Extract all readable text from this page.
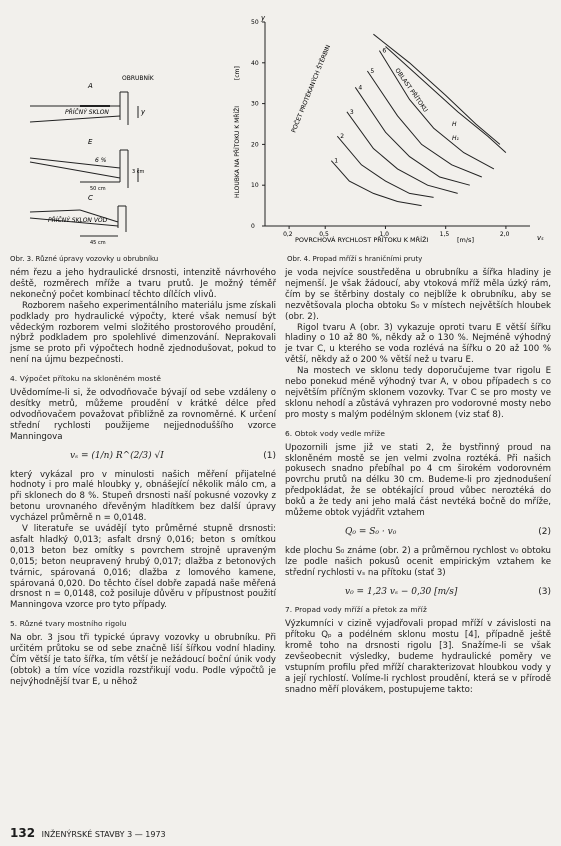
OBRUBNÍK
A
PŘÍČNÝ SKLON	y
E
6 %
3 cm
50 cm
C
PŘÍČNÝ SKLON VOD
45 cm
0,2	0,5	1,0	1,5	2,0
0
10
20
30
40
50
1
2
3
4
5
6
y
vₛ
HLOUBKA NA PŘÍTOKU K MŘÍŽI
[cm]
POVRCHOVÁ RYCHLOST PŘÍTOKU K MŘÍŽI	[m/s]
POČET PROTÉKANÝCH ŠTĚRBIN	OBLAST PŘÍTOKU
H
H₁
Obr. 3. Různé úpravy vozovky u obrubníku	Obr. 4. Propad mříží s hraničními pruty

ném řezu a jeho hydraulické drsnosti, intenzitě návrhového deště, rozměrech mříže a tvaru prutů. Je možný téměř nekonečný počet kombinací těchto dílčích vlivů.

Rozborem našeho experimentálního materiálu jsme získali podklady pro hydraulické výpočty, které však nemusí být vědeckým rozborem velmi složitého prostorového proudění, nýbrž podkladem pro spolehlivé dimenzování. Neprakovali jsme se proto při výpočtech hodně zjednodušovat, pokud to není na újmu bezpečnosti.

4. Výpočet přítoku na skloněném mostě

Uvědomíme-li si, že odvodňovače bývají od sebe vzdáleny o desítky metrů, můžeme proudění v krátké délce před odvodňovačem považovat přibližně za rovnoměrné. K určení střední rychlosti použijeme nejjednoduššího vzorce Manningova

vₛ = (1/n) R^(2/3) √I	(1)

který vykázal pro v minulosti našich měření přijatelné hodnoty i pro malé hloubky y, obnášející několik málo cm, a při sklonech do 8 %. Stupeň drsnosti naší pokusné vozovky z betonu urovnaného dřevěným hladítkem bez další úpravy vycházel průměrně n = 0,0148.

V literatuře se uvádějí tyto průměrné stupně drsnosti: asfalt hladký 0,013; asfalt drsný 0,016; beton s omítkou 0,013 beton bez omítky s povrchem strojně upraveným 0,015; beton neupravený hrubý 0,017; dlažba z betonových tvárnic, spárovaná 0,016; dlažba z lomového kamene, spárovaná 0,020. Do těchto čísel dobře zapadá naše měřená drsnost n = 0,0148, což posiluje důvěru v přípustnost použití Manningova vzorce pro tyto případy.

5. Různé tvary mostního rigolu

Na obr. 3 jsou tři typické úpravy vozovky u obrubníku. Při určitém průtoku se od sebe značně liší šířkou vodní hladiny. Čím větší je tato šířka, tím větší je nežádoucí boční únik vody (obtok) a tím více vozidla rozstřikují vodu. Podle výpočtů je nejvýhodnější tvar E, u něhož

je voda nejvíce soustředěna u obrubníku a šířka hladiny je nejmenší. Je však žádoucí, aby vtoková mříž měla úzký rám, čím by se štěrbiny dostaly co nejblíže k obrubníku, aby se nezvětšovala plocha obtoku S₀ v místech největších hloubek (obr. 2).

Rigol tvaru A (obr. 3) vykazuje oproti tvaru E větší šířku hladiny o 10 až 80 %, někdy až o 130 %. Nejméně výhodný je tvar C, u kterého se voda rozlévá na šířku o 20 až 100 % větší, někdy až o 200 % větší než u tvaru E.

Na mostech ve sklonu tedy doporučujeme tvar rigolu E nebo ponekud méně výhodný tvar A, v obou případech s co největším příčným sklonem vozovky. Tvar C se pro mosty ve sklonu nehodí a zůstává vyhrazen pro vodorovné mosty nebo pro mosty s malým podélným sklonem (viz stať 8).

6. Obtok vody vedle mříže

Upozornili jsme již ve stati 2, že bystřinný proud na skloněném mostě se jen velmi zvolna roztéká. Při našich pokusech snadno přebíhal po 4 cm širokém vodorovném povrchu prutů na délku 30 cm. Budeme-li pro zjednodušení předpokládat, že se obtékající proud vůbec neroztéká do boků a že tedy ani jeho malá část nevtéká bočně do mříže, můžeme obtok vyjádřit vztahem

Q₀ = S₀ · v₀	(2)

kde plochu S₀ známe (obr. 2) a průměrnou rychlost v₀ obtoku lze podle našich pokusů ocenit empirickým vztahem ke střední rychlosti vₛ na přítoku (stať 3)

v₀ = 1,23 vₛ − 0,30 [m/s]	(3)
7. Propad vody mříží a přetok za mříž

Výzkumníci v cizině vyjadřovali propad mříží v závislosti na přítoku Qₚ a podélném sklonu mostu [4], případně ještě kromě toho na drsnosti rigolu [3]. Snažíme-li se však zevšeobecnit výsledky, budeme hydraulické poměry ve vstupním profilu před mříží charakterizovat hloubkou vody y a její rychlostí. Volíme-li rychlost proudění, která se v přírodě snadno měří plovákem, postupujeme takto:

132 INŽENÝRSKÉ STAVBY 3 — 1973
